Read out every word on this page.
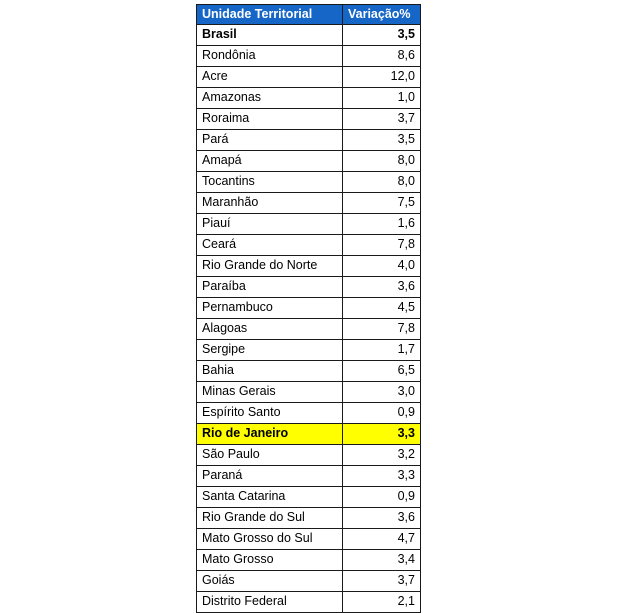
Unidade Territorial	Variação%
Brasil	3,5
Rondônia	8,6
Acre	12,0
Amazonas	1,0
Roraima	3,7
Pará	3,5
Amapá	8,0
Tocantins	8,0
Maranhão	7,5
Piauí	1,6
Ceará	7,8
Rio Grande do Norte	4,0
Paraíba	3,6
Pernambuco	4,5
Alagoas	7,8
Sergipe	1,7
Bahia	6,5
Minas Gerais	3,0
Espírito Santo	0,9
Rio de Janeiro	3,3
São Paulo	3,2
Paraná	3,3
Santa Catarina	0,9
Rio Grande do Sul	3,6
Mato Grosso do Sul	4,7
Mato Grosso	3,4
Goiás	3,7
Distrito Federal	2,1
